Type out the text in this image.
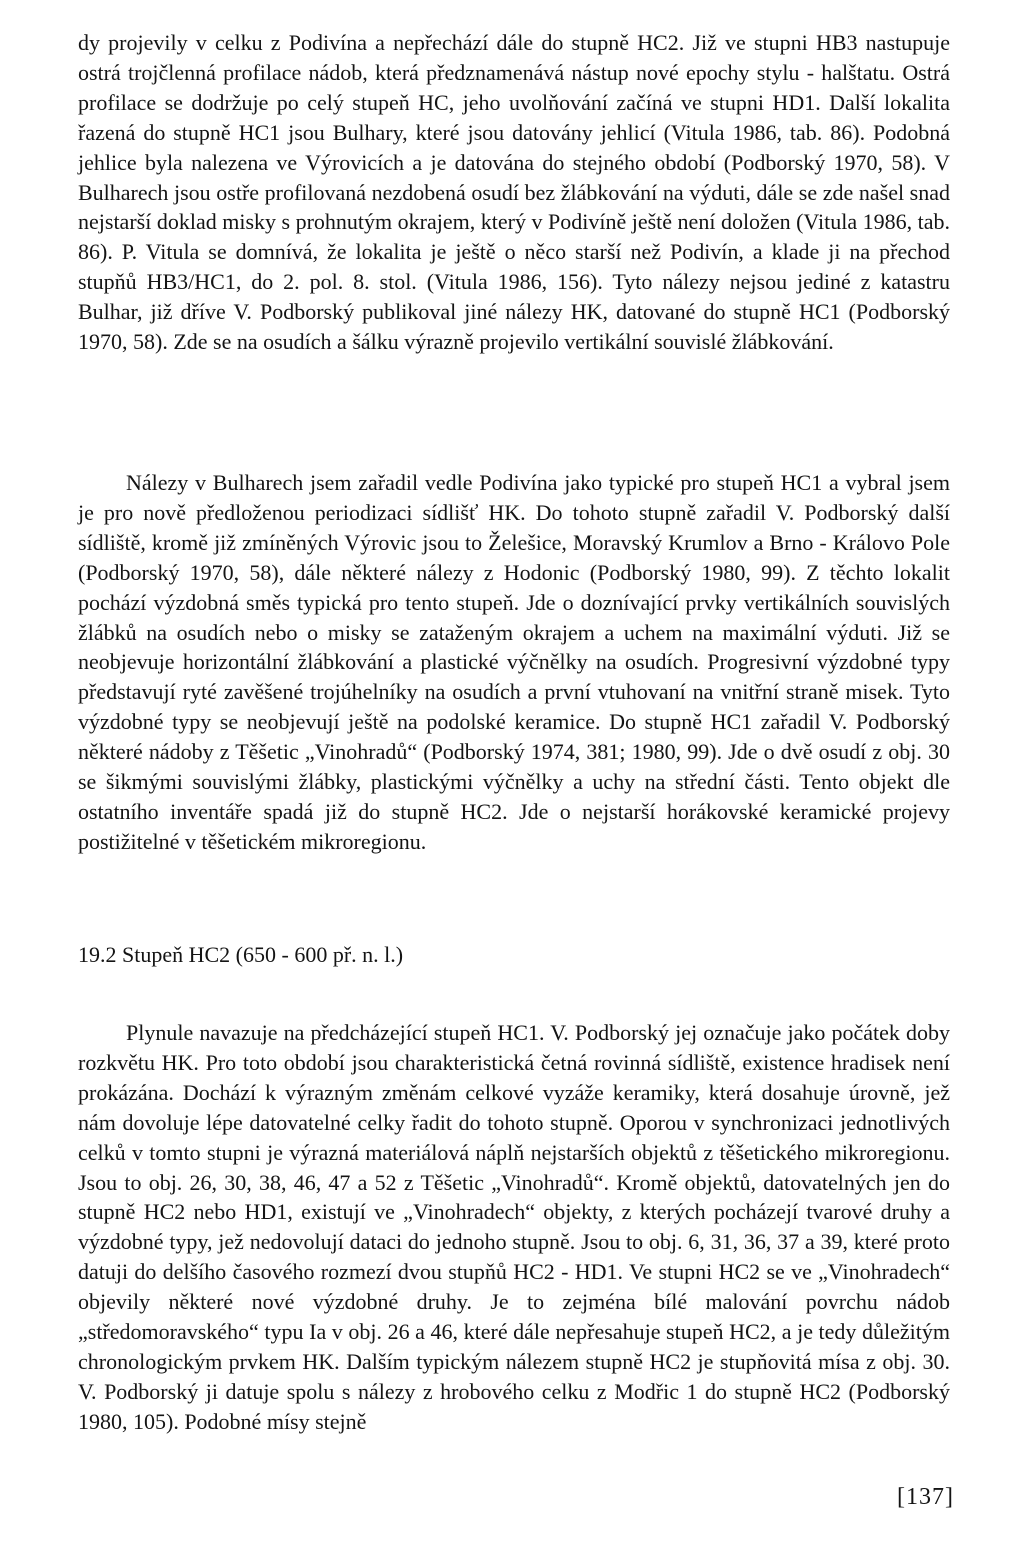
dy projevily v celku z Podivína a nepřechází dále do stupně HC2. Již ve stupni HB3 nastupuje ostrá trojčlenná profilace nádob, která předznamenává nástup nové epochy stylu - halštatu. Ostrá profilace se dodržuje po celý stupeň HC, jeho uvolňování začíná ve stupni HD1. Další lokalita řazená do stupně HC1 jsou Bulhary, které jsou datovány jehlicí (Vitula 1986, tab. 86). Podobná jehlice byla nalezena ve Výrovicích a je datována do stejného období (Podborský 1970, 58). V Bulharech jsou ostře profilovaná nezdobená osudí bez žlábkování na výduti, dále se zde našel snad nejstarší doklad misky s prohnutým okrajem, který v Podivíně ještě není doložen (Vitula 1986, tab. 86). P. Vitula se domnívá, že lokalita je ještě o něco starší než Podivín, a klade ji na přechod stupňů HB3/HC1, do 2. pol. 8. stol. (Vitula 1986, 156). Tyto nálezy nejsou jediné z katastru Bulhar, již dříve V. Podborský publikoval jiné nálezy HK, datované do stupně HC1 (Podborský 1970, 58). Zde se na osudích a šálku výrazně projevilo vertikální souvislé žlábkování.

Nálezy v Bulharech jsem zařadil vedle Podivína jako typické pro stupeň HC1 a vybral jsem je pro nově předloženou periodizaci sídlišť HK. Do tohoto stupně zařadil V. Podborský další sídliště, kromě již zmíněných Výrovic jsou to Želešice, Moravský Krumlov a Brno - Královo Pole (Podborský 1970, 58), dále některé nálezy z Hodonic (Podborský 1980, 99). Z těchto lokalit pochází výzdobná směs typická pro tento stupeň. Jde o doznívající prvky vertikálních souvislých žlábků na osudích nebo o misky se zataženým okrajem a uchem na maximální výduti. Již se neobjevuje horizontální žlábkování a plastické výčnělky na osudích. Progresivní výzdobné typy představují ryté zavěšené trojúhelníky na osudích a první vtuhovaní na vnitřní straně misek. Tyto výzdobné typy se neobjevují ještě na podolské keramice. Do stupně HC1 zařadil V. Podborský některé nádoby z Těšetic „Vinohradů“ (Podborský 1974, 381; 1980, 99). Jde o dvě osudí z obj. 30 se šikmými souvislými žlábky, plastickými výčnělky a uchy na střední části. Tento objekt dle ostatního inventáře spadá již do stupně HC2. Jde o nejstarší horákovské keramické projevy postižitelné v těšetickém mikroregionu.

19.2 Stupeň HC2 (650 - 600 př. n. l.)

Plynule navazuje na předcházející stupeň HC1. V. Podborský jej označuje jako počátek doby rozkvětu HK. Pro toto období jsou charakteristická četná rovinná sídliště, existence hradisek není prokázána. Dochází k výrazným změnám celkové vyzáže keramiky, která dosahuje úrovně, jež nám dovoluje lépe datovatelné celky řadit do tohoto stupně. Oporou v synchronizaci jednotlivých celků v tomto stupni je výrazná materiálová náplň nejstarších objektů z těšetického mikroregionu. Jsou to obj. 26, 30, 38, 46, 47 a 52 z Těšetic „Vinohradů“. Kromě objektů, datovatelných jen do stupně HC2 nebo HD1, existují ve „Vinohradech“ objekty, z kterých pocházejí tvarové druhy a výzdobné typy, jež nedovolují dataci do jednoho stupně. Jsou to obj. 6, 31, 36, 37 a 39, které proto datuji do delšího časového rozmezí dvou stupňů HC2 - HD1. Ve stupni HC2 se ve „Vinohradech“ objevily některé nové výzdobné druhy. Je to zejména bílé malování povrchu nádob „středomoravského“ typu Ia v obj. 26 a 46, které dále nepřesahuje stupeň HC2, a je tedy důležitým chronologickým prvkem HK. Dalším typickým nálezem stupně HC2 je stupňovitá mísa z obj. 30. V. Podborský ji datuje spolu s nálezy z hrobového celku z Modřic 1 do stupně HC2 (Podborský 1980, 105). Podobné mísy stejně

[137]
